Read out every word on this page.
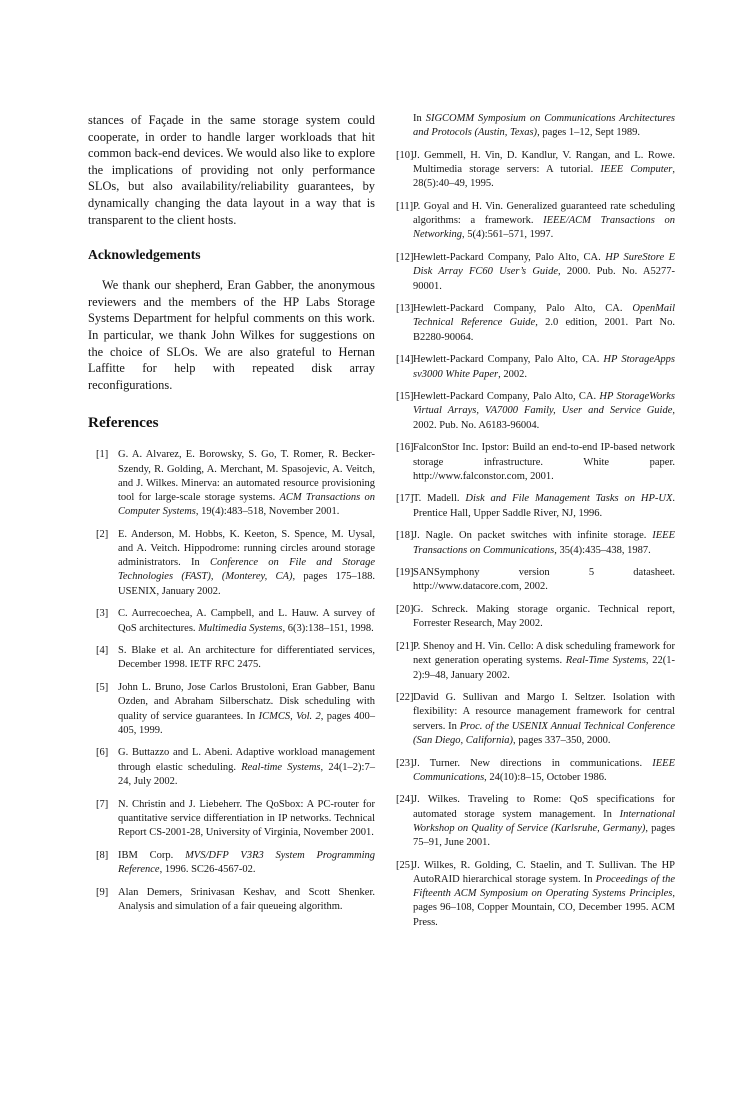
stances of Façade in the same storage system could cooperate, in order to handle larger workloads that hit common back-end devices. We would also like to explore the implications of providing not only performance SLOs, but also availability/reliability guarantees, by dynamically changing the data layout in a way that is transparent to the client hosts.

Acknowledgements

We thank our shepherd, Eran Gabber, the anonymous reviewers and the members of the HP Labs Storage Systems Department for helpful comments on this work. In particular, we thank John Wilkes for suggestions on the choice of SLOs. We are also grateful to Hernan Laffitte for help with repeated disk array reconfigurations.

References
[1] G. A. Alvarez, E. Borowsky, S. Go, T. Romer, R. Becker-Szendy, R. Golding, A. Merchant, M. Spasojevic, A. Veitch, and J. Wilkes. Minerva: an automated resource provisioning tool for large-scale storage systems. ACM Transactions on Computer Systems, 19(4):483–518, November 2001.
[2] E. Anderson, M. Hobbs, K. Keeton, S. Spence, M. Uysal, and A. Veitch. Hippodrome: running circles around storage administrators. In Conference on File and Storage Technologies (FAST), (Monterey, CA), pages 175–188. USENIX, January 2002.
[3] C. Aurrecoechea, A. Campbell, and L. Hauw. A survey of QoS architectures. Multimedia Systems, 6(3):138–151, 1998.
[4] S. Blake et al. An architecture for differentiated services, December 1998. IETF RFC 2475.
[5] John L. Bruno, Jose Carlos Brustoloni, Eran Gabber, Banu Ozden, and Abraham Silberschatz. Disk scheduling with quality of service guarantees. In ICMCS, Vol. 2, pages 400–405, 1999.
[6] G. Buttazzo and L. Abeni. Adaptive workload management through elastic scheduling. Real-time Systems, 24(1–2):7–24, July 2002.
[7] N. Christin and J. Liebeherr. The QoSbox: A PC-router for quantitative service differentiation in IP networks. Technical Report CS-2001-28, University of Virginia, November 2001.
[8] IBM Corp. MVS/DFP V3R3 System Programming Reference, 1996. SC26-4567-02.
[9] Alan Demers, Srinivasan Keshav, and Scott Shenker. Analysis and simulation of a fair queueing algorithm.
In SIGCOMM Symposium on Communications Architectures and Protocols (Austin, Texas), pages 1–12, Sept 1989.
[10] J. Gemmell, H. Vin, D. Kandlur, V. Rangan, and L. Rowe. Multimedia storage servers: A tutorial. IEEE Computer, 28(5):40–49, 1995.
[11] P. Goyal and H. Vin. Generalized guaranteed rate scheduling algorithms: a framework. IEEE/ACM Transactions on Networking, 5(4):561–571, 1997.
[12] Hewlett-Packard Company, Palo Alto, CA. HP SureStore E Disk Array FC60 User’s Guide, 2000. Pub. No. A5277-90001.
[13] Hewlett-Packard Company, Palo Alto, CA. OpenMail Technical Reference Guide, 2.0 edition, 2001. Part No. B2280-90064.
[14] Hewlett-Packard Company, Palo Alto, CA. HP StorageApps sv3000 White Paper, 2002.
[15] Hewlett-Packard Company, Palo Alto, CA. HP StorageWorks Virtual Arrays, VA7000 Family, User and Service Guide, 2002. Pub. No. A6183-96004.
[16] FalconStor Inc. Ipstor: Build an end-to-end IP-based network storage infrastructure. White paper. http://www.falconstor.com, 2001.
[17] T. Madell. Disk and File Management Tasks on HP-UX. Prentice Hall, Upper Saddle River, NJ, 1996.
[18] J. Nagle. On packet switches with infinite storage. IEEE Transactions on Communications, 35(4):435–438, 1987.
[19] SANSymphony version 5 datasheet. http://www.datacore.com, 2002.
[20] G. Schreck. Making storage organic. Technical report, Forrester Research, May 2002.
[21] P. Shenoy and H. Vin. Cello: A disk scheduling framework for next generation operating systems. Real-Time Systems, 22(1-2):9–48, January 2002.
[22] David G. Sullivan and Margo I. Seltzer. Isolation with flexibility: A resource management framework for central servers. In Proc. of the USENIX Annual Technical Conference (San Diego, California), pages 337–350, 2000.
[23] J. Turner. New directions in communications. IEEE Communications, 24(10):8–15, October 1986.
[24] J. Wilkes. Traveling to Rome: QoS specifications for automated storage system management. In International Workshop on Quality of Service (Karlsruhe, Germany), pages 75–91, June 2001.
[25] J. Wilkes, R. Golding, C. Staelin, and T. Sullivan. The HP AutoRAID hierarchical storage system. In Proceedings of the Fifteenth ACM Symposium on Operating Systems Principles, pages 96–108, Copper Mountain, CO, December 1995. ACM Press.
